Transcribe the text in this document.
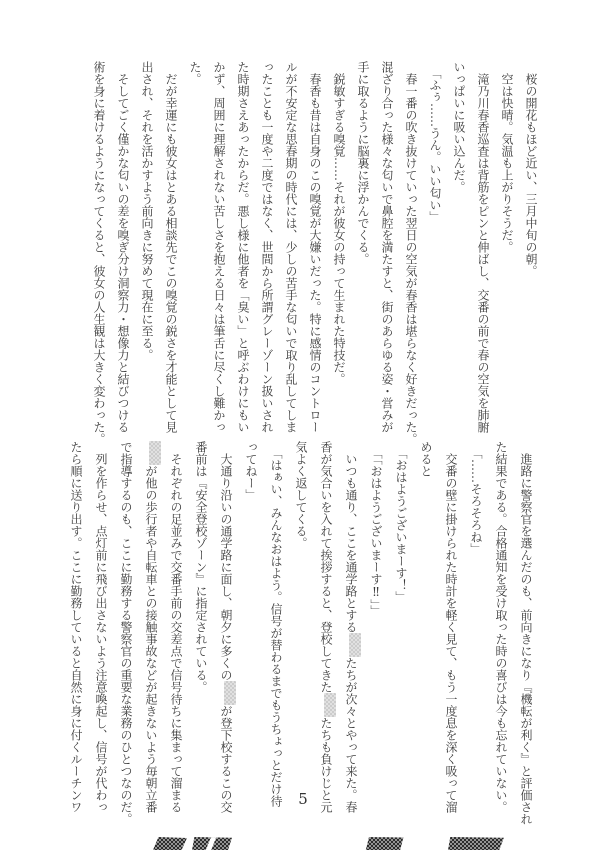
　桜の開花もほど近い、三月中旬の朝。
　空は快晴。気温も上がりそうだ。
　滝乃川春香巡査は背筋をピンと伸ばし、交番の前で春の空気を肺腑
いっぱいに吸い込んだ。
　「ふぅ……うん。いい匂い」
　春一番の吹き抜けていった翌日の空気が春香は堪らなく好きだった。
混ざり合った様々な匂いで鼻腔を満たすと、街のあらゆる姿・営みが
手に取るように脳裏に浮かんでくる。
　鋭敏すぎる嗅覚……それが彼女の持って生まれた特技だ。
　春香も昔は自身のこの嗅覚が大嫌いだった。特に感情のコントロー
ルが不安定な思春期の時代には、少しの苦手な匂いで取り乱してしま
ったことも一度や二度ではなく、世間から所謂グレーゾーン扱いされ
た時期さえあったからだ。悪し様に他者を「臭い」と呼ぶわけにもい
かず、周囲に理解されない苦しさを抱える日々は筆舌に尽くし難かっ
た。
　だが幸運にも彼女はとある相談先でこの嗅覚の鋭さを才能として見
出され、それを活かすよう前向きに努めて現在に至る。
　そしてごく僅かな匂いの差を嗅ぎ分け洞察力・想像力と結びつける
術を身に着けるようになってくると、彼女の人生観は大きく変わった。
　進路に警察官を選んだのも、前向きになり『機転が利く』と評価され
た結果である。合格通知を受け取った時の喜びは今も忘れていない。
　「……そろそろね」
　交番の壁に掛けられた時計を軽く見て、もう一度息を深く吸って溜
めると
　「おはようございまーす！」
　「「おはようございまーす‼」」
　いつも通り、ここを通学路とするたちが次々とやって来た。春
香が気合いを入れて挨拶すると、登校してきたたちも負けじと元
気よく返してくる。
　「はぁい、みんなおはよう。信号が替わるまでもうちょっとだけ待
ってねー」
　大通り沿いの通学路に面し、朝夕に多くのが登下校するこの交
番前は『安全登校ゾーン』に指定されている。
　それぞれの足並みで交番手前の交差点で信号待ちに集まって溜まる
が他の歩行者や自転車との接触事故などが起きないよう毎朝立番
で指導するのも、ここに勤務する警察官の重要な業務のひとつなのだ。
　列を作らせ、点灯前に飛び出さないよう注意喚起し、信号が代わっ
たら順に送り出す。ここに勤務していると自然に身に付くルーチンワ	5
